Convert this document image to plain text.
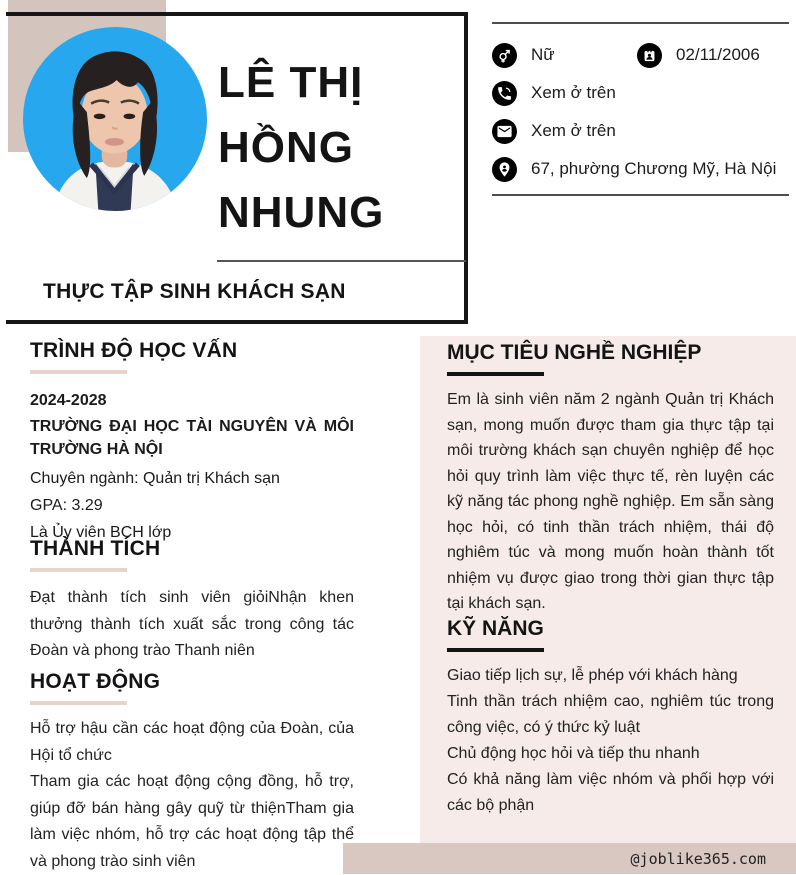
LÊ THỊ
HỒNG
NHUNG
THỰC TẬP SINH KHÁCH SẠN
Nữ	02/11/2006
Xem ở trên
Xem ở trên
67, phường Chương Mỹ, Hà Nội
TRÌNH ĐỘ HỌC VẤN
2024-2028
TRƯỜNG ĐẠI HỌC TÀI NGUYÊN VÀ MÔI TRƯỜNG HÀ NỘI
Chuyên ngành: Quản trị Khách sạn
GPA: 3.29
Là Ủy viên BCH lớp
THÀNH TÍCH
Đạt thành tích sinh viên giỏiNhận khen thưởng thành tích xuất sắc trong công tác Đoàn và phong trào Thanh niên
HOẠT ĐỘNG
Hỗ trợ hậu cần các hoạt động của Đoàn, của Hội tổ chức
Tham gia các hoạt động cộng đồng, hỗ trợ, giúp đỡ bán hàng gây quỹ từ thiệnTham gia làm việc nhóm, hỗ trợ các hoạt động tập thể và phong trào sinh viên
MỤC TIÊU NGHỀ NGHIỆP
Em là sinh viên năm 2 ngành Quản trị Khách sạn, mong muốn được tham gia thực tập tại môi trường khách sạn chuyên nghiệp để học hỏi quy trình làm việc thực tế, rèn luyện các kỹ năng tác phong nghề nghiệp. Em sẵn sàng học hỏi, có tinh thần trách nhiệm, thái độ nghiêm túc và mong muốn hoàn thành tốt nhiệm vụ được giao trong thời gian thực tập tại khách sạn.
KỸ NĂNG
Giao tiếp lịch sự, lễ phép với khách hàng
Tinh thần trách nhiệm cao, nghiêm túc trong công việc, có ý thức kỷ luật
Chủ động học hỏi và tiếp thu nhanh
Có khả năng làm việc nhóm và phối hợp với các bộ phận
@joblike365.com
